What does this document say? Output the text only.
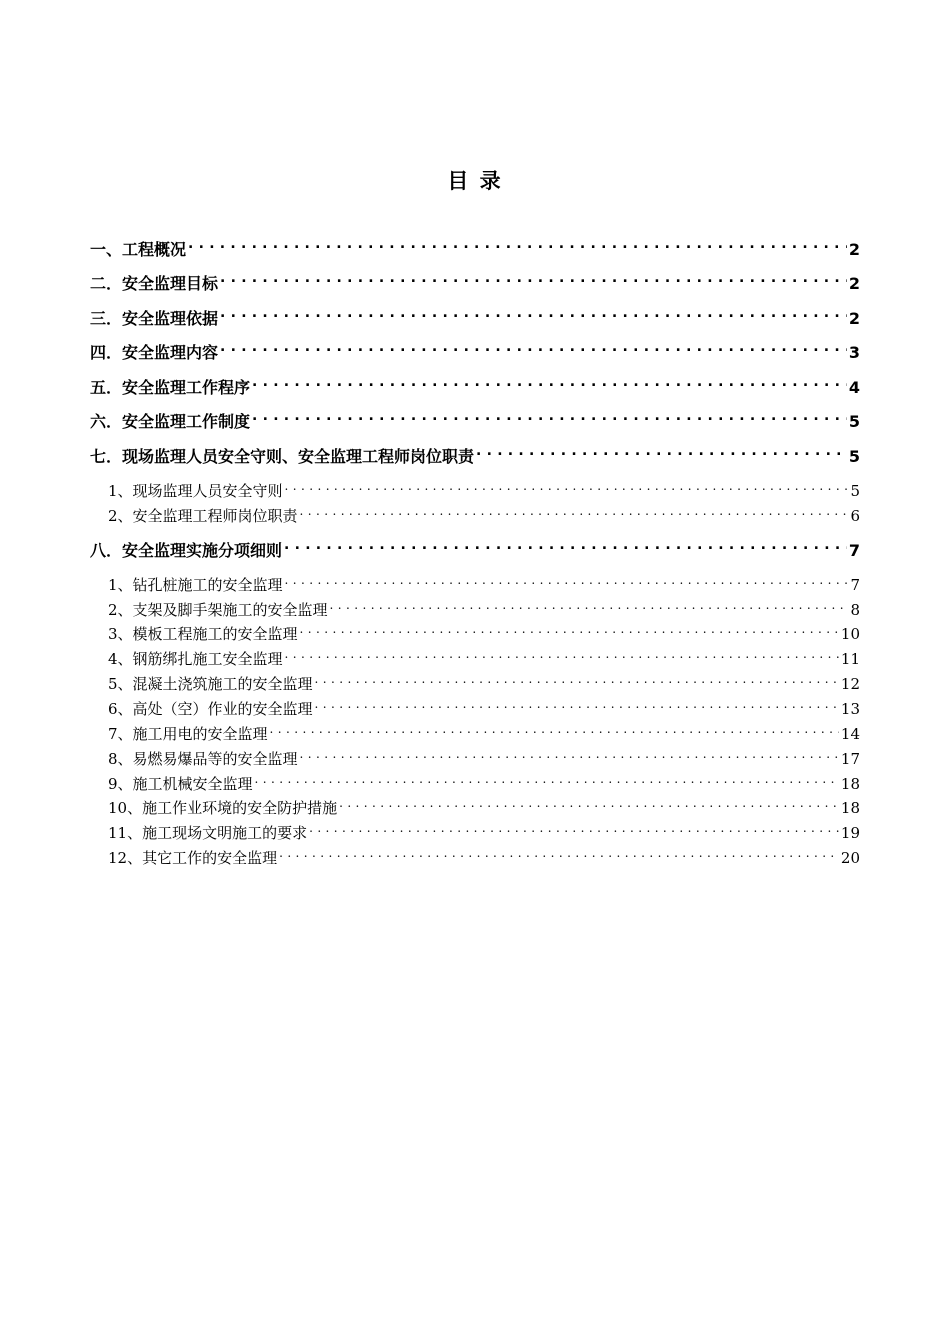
目 录
一、工程概况 . . .	2
二．安全监理目标 . . .	2
三．安全监理依据 . . .	2
四．安全监理内容 . . .	3
五．安全监理工作程序 . . .	4
六．安全监理工作制度 . . .	5
七．现场监理人员安全守则、安全监理工程师岗位职责 . . .	5
1、现场监理人员安全守则 . . .	5
2、安全监理工程师岗位职责 . . .	6
八．安全监理实施分项细则 . . .	7
1、钻孔桩施工的安全监理 . . .	7
2、支架及脚手架施工的安全监理 . . .	8
3、模板工程施工的安全监理 . . .	10
4、钢筋绑扎施工安全监理 . . .	11
5、混凝土浇筑施工的安全监理 . . .	12
6、高处（空）作业的安全监理 . . .	13
7、施工用电的安全监理 . . .	14
8、易燃易爆品等的安全监理 . . .	17
9、施工机械安全监理 . . .	18
10、施工作业环境的安全防护措施 . . .	18
11、施工现场文明施工的要求 . . .	19
12、其它工作的安全监理 . . .	20
